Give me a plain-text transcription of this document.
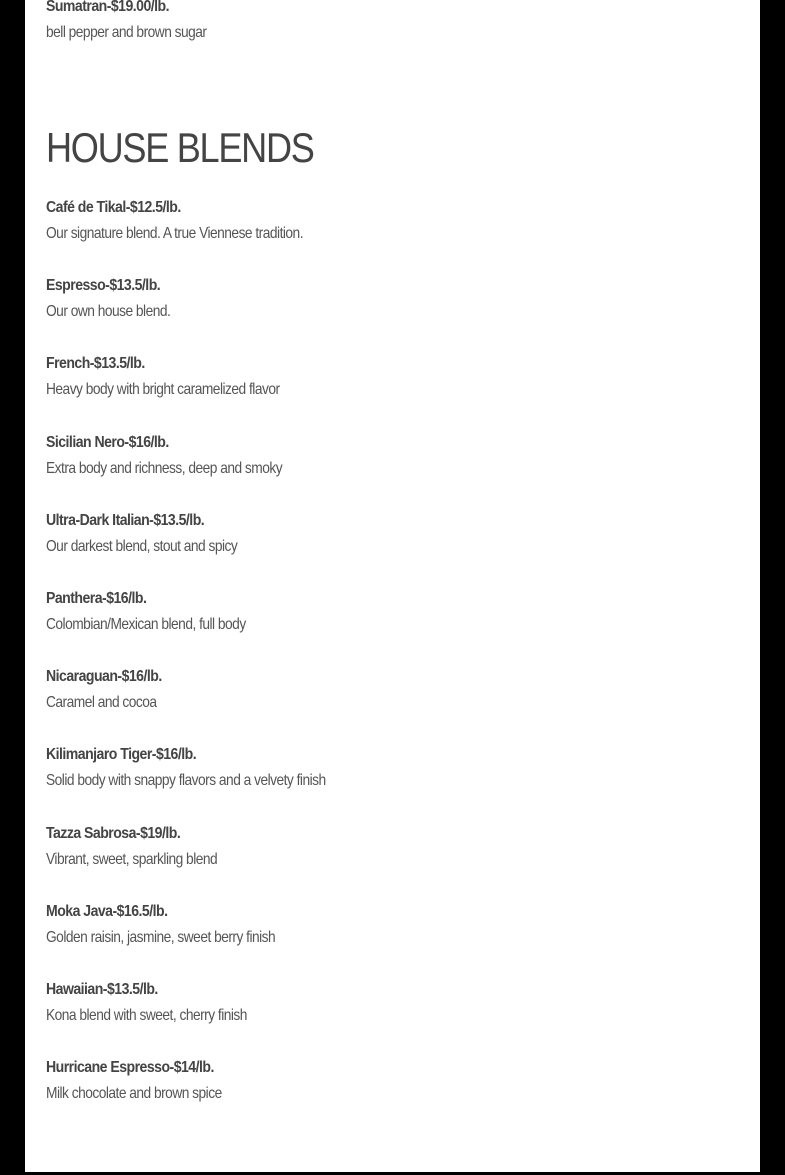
Sumatran-$19.00/lb.
bell pepper and brown sugar
HOUSE BLENDS
Café de Tikal-$12.5/lb.
Our signature blend. A true Viennese tradition.
Espresso-$13.5/lb.
Our own house blend.
French-$13.5/lb.
Heavy body with bright caramelized flavor
Sicilian Nero-$16/lb.
Extra body and richness, deep and smoky
Ultra-Dark Italian-$13.5/lb.
Our darkest blend, stout and spicy
Panthera-$16/lb.
Colombian/Mexican blend, full body
Nicaraguan-$16/lb.
Caramel and cocoa
Kilimanjaro Tiger-$16/lb.
Solid body with snappy flavors and a velvety finish
Tazza Sabrosa-$19/lb.
Vibrant, sweet, sparkling blend
Moka Java-$16.5/lb.
Golden raisin, jasmine, sweet berry finish
Hawaiian-$13.5/lb.
Kona blend with sweet, cherry finish
Hurricane Espresso-$14/lb.
Milk chocolate and brown spice
